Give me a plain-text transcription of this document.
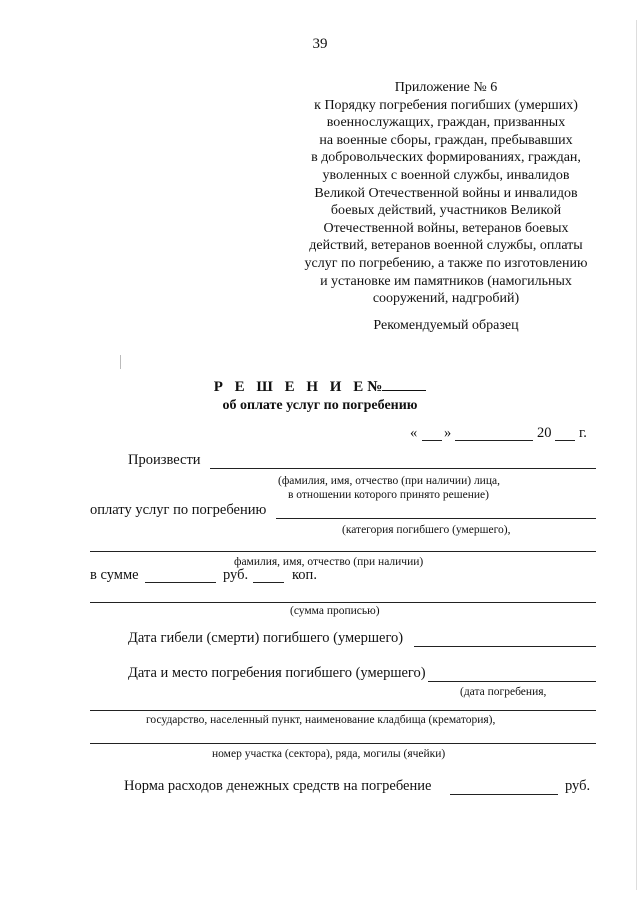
39
Приложение № 6
к Порядку погребения погибших (умерших)
военнослужащих, граждан, призванных
на военные сборы, граждан, пребывавших
в добровольческих формированиях, граждан,
уволенных с военной службы, инвалидов
Великой Отечественной войны и инвалидов
боевых действий, участников Великой
Отечественной войны, ветеранов боевых
действий, ветеранов военной службы, оплаты
услуг по погребению, а также по изготовлению
и установке им памятников (намогильных
сооружений, надгробий)
Рекомендуемый образец
Р Е Ш Е Н И Е№
об оплате услуг по погребению
« »	20 г.
Произвести
(фамилия, имя, отчество (при наличии) лица,
в отношении которого принято решение)
оплату услуг по погребению
(категория погибшего (умершего),
фамилия, имя, отчество (при наличии)
в сумме	руб.	коп.
(сумма прописью)
Дата гибели (смерти) погибшего (умершего)
Дата и место погребения погибшего (умершего)
(дата погребения,
государство, населенный пункт, наименование кладбища (крематория),
номер участка (сектора), ряда, могилы (ячейки)
Норма расходов денежных средств на погребение	руб.
